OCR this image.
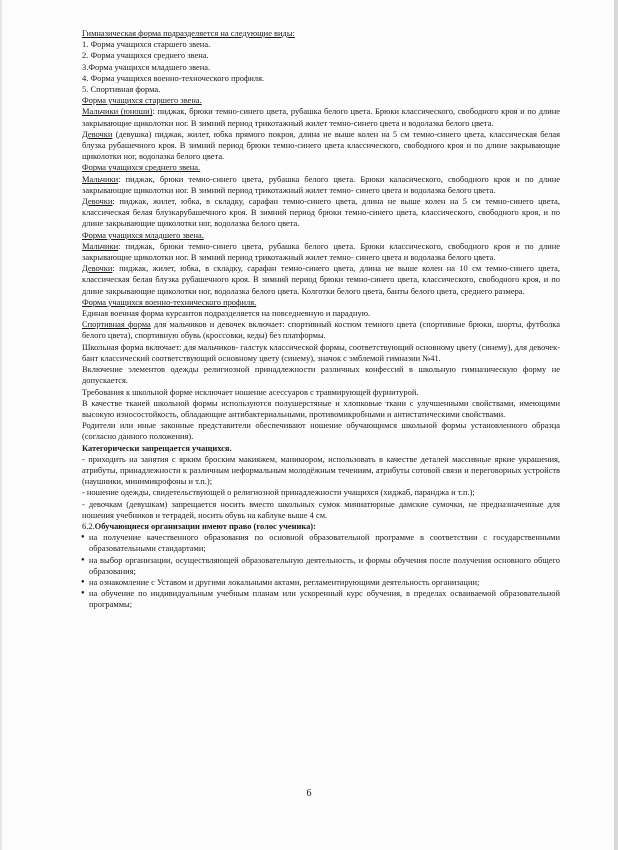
Гимназическая форма подразделяется на следующие виды:

1. Форма учащихся старшего звена.

2. Форма учащихся среднего звена.

3.Форма учащихся младшего звена.

4. Форма учащихся военно-техноческого профиля.

5. Спортивная форма.

Форма учащихся старшего звена.

Мальчики (юноши): пиджак, брюки темно-синего цвета, рубашка белого цвета. Брюки классического, свободного кроя и по длине закрывающие щиколотки ног. В зимний период трикотажный жилет темно-синего цвета и водолазка белого цвета.

Девочки (девушка) пиджак, жилет, юбка прямого покроя, длина не выше колен на 5 см темно-синего цвета, классическая белая блузка рубашечного кроя. В зимний период брюки темно-синего цвета классического, свободного кроя и по длине закрывающие щиколотки ног, водолазка белого цвета.

Форма учащихся среднего звена.

Мальчики: пиджак, брюки темно-синего цвета, рубашка белого цвета. Брюки каласического, свободного кроя и по длине закрывающие щиколотки ног. В зимний период трикотажный жилет темно- синего цвета и водолазка белого цвета.

Девочки: пиджак, жилет, юбка, в складку, сарафан темно-синего цвета, длина не выше колен на 5 см темно-синего цвета, классическая белая блузкарубашечного кроя. В зимний период брюки темно-синего цвета, классического, свободного кроя, и по длине закрывающие щиколотки ног, водолазка белого цвета.

Форма учащихся младшего звена.

Мальчики: пиджак, брюки темно-синего цвета, рубашка белого цвета. Брюки классического, свободного кроя и по длине закрывающие щиколотки ног. В зимний период трикотажный жилет темно- синего цвета и водолазка белого цвета.

Девочки: пиджак, жилет, юбка, в складку, сарафан темно-синего цвета, длина не выше колен на 10 см темно-синего цвета, классическая белая блузка рубашечного кроя. В зимний период брюки темно-синего цвета, классического, свободного кроя, и по длине закрывающие щиколотки ног, водолазка белого цвета. Колготки белого цвета, банты белого цвета, среднего размера.

Форма учащихся военно-технического профиля.

Единая военная форма курсантов подразделяется на повседневную и парадную.

Спортивная форма для мальчиков и девочек включает: спортивный костюм темного цвета (спортивные брюки, шорты, футболка белого цвета), спортивную обувь (кроссовки, кеды) без платформы.

Школьная форма включает: для мальчиков- галстук классической формы, соответствующий основному цвету (синему), для девочек- бант классический соответствующий основному цвету (синему), значок с эмблемой гимназии №41.

Включение элементов одежды религиозной принадлежности различных конфессий в школьную гимназическую форму не допускается.

Требования к школьной форме исключает ношение асессуаров с травмирующей фурнитурой.

В качестве тканей школьной формы используются полушерстяные и хлопковые ткани с улучшенными свойствами, имеющими высокую износостойкость, обладающие антибактериальными, противомикробными и антистатическими свойствами.

Родители или иные законные представители обеспечивают ношение обучающимся школьной формы установленного образца (согласно данного положения).

Категорически запрещается учащихся.

- приходить на занятия с ярким броским макияжем, маникюром, использовать в качестве деталей массивные яркие украшения, атрибуты, принадлежности к различным неформальным молодёжным течениям, атрибуты сотовой связи и переговорных устройств (наушники, минимикрофоны и т.п.);

- ношение одежды, свидетельствующей о религиозной принадлежности учащихся (хиджаб, паранджа и т.п.);

- девочкам (девушкам) запрещается носить вместо школьных сумок миниатюрные дамские сумочки, не предназначенные для ношения учебников и тетрадей, носить обувь на каблуке выше 4 см.

6.2.Обучающиеся организации имеют право (голос ученика):

● на получение качественного образования по основной образовательной программе в соответствии с государственными образовательными стандартами;

● на выбор организации, осуществляющей образовательную деятельность, и формы обучения после получения основного общего образования;

● на ознакомление с Уставом и другими локальными актами, регламентирующими деятельность организации;

● на обучение по индивидуальным учебным планам или ускоренный курс обучения, в пределах осваиваемой образовательной программы;

6
